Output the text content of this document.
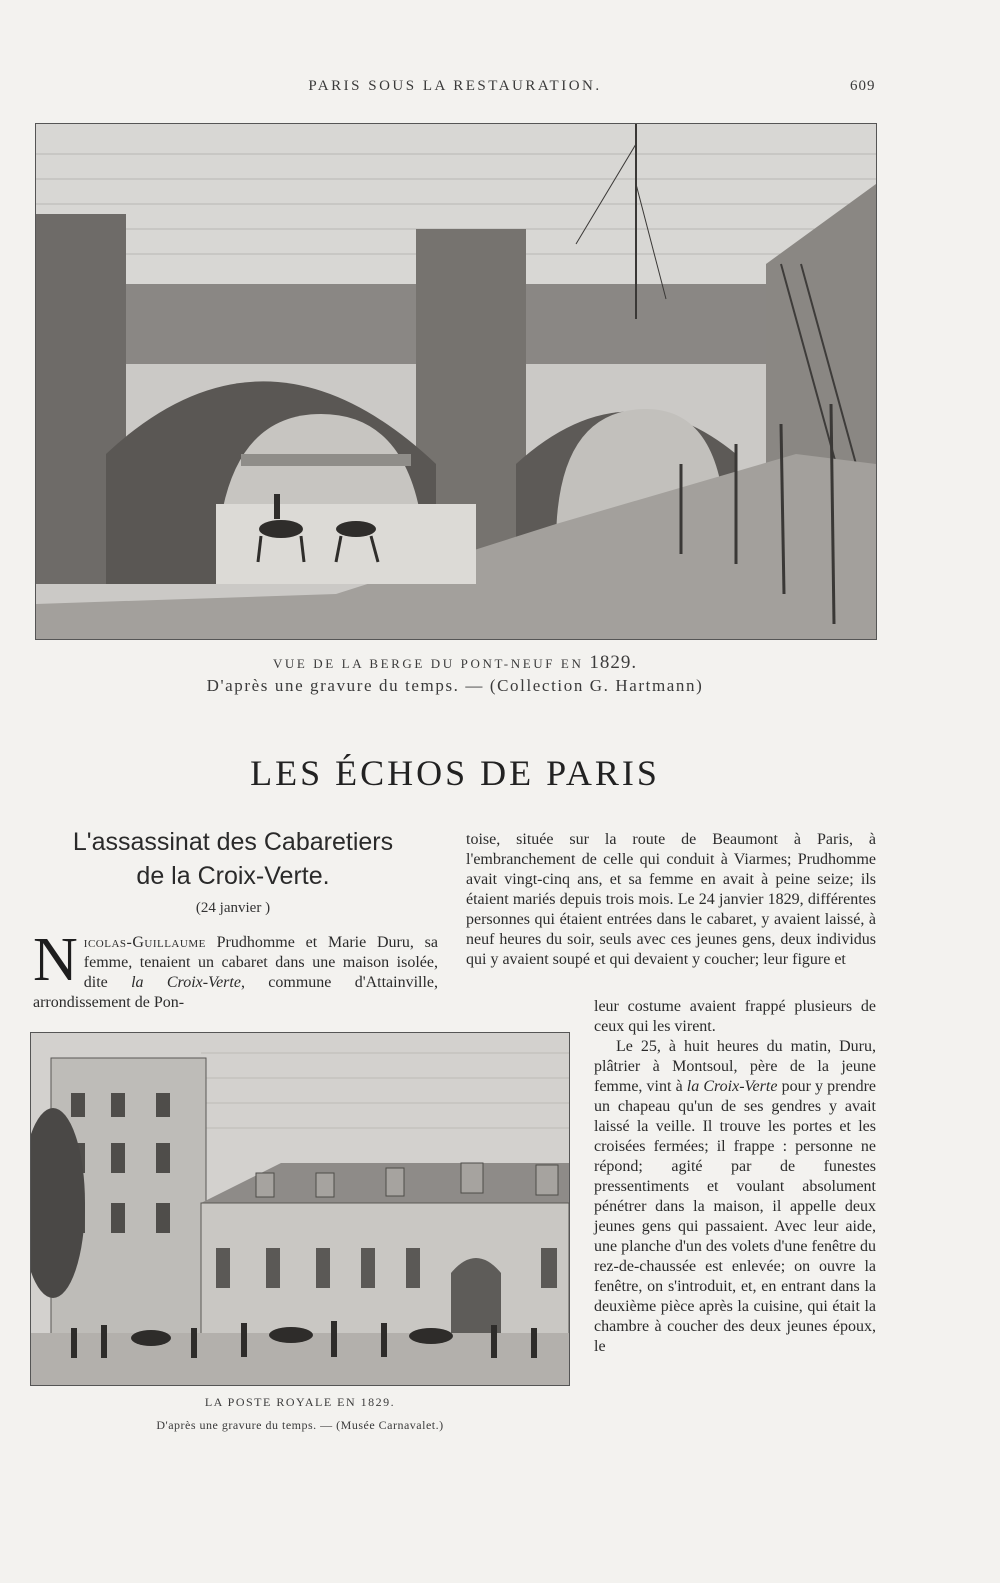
PARIS SOUS LA RESTAURATION.	609
VUE DE LA BERGE DU PONT-NEUF EN 1829.
D'après une gravure du temps. — (Collection G. Hartmann)
LES ÉCHOS DE PARIS
L'assassinat des Cabaretiers
de la Croix-Verte.
(24 janvier )
Nicolas-Guillaume Prudhomme et Marie Duru, sa femme, tenaient un cabaret dans une maison isolée, dite la Croix-Verte, commune d'Attainville, arrondissement de Pon-
toise, située sur la route de Beaumont à Paris, à l'embranchement de celle qui conduit à Viarmes; Prudhomme avait vingt-cinq ans, et sa femme en avait à peine seize; ils étaient mariés depuis trois mois. Le 24 janvier 1829, différentes personnes qui étaient entrées dans le cabaret, y avaient laissé, à neuf heures du soir, seuls avec ces jeunes gens, deux individus qui y avaient soupé et qui devaient y coucher; leur figure et
LA POSTE ROYALE EN 1829.
D'après une gravure du temps. — (Musée Carnavalet.)
leur costume avaient frappé plusieurs de ceux qui les virent.
Le 25, à huit heures du matin, Duru, plâtrier à Montsoul, père de la jeune femme, vint à la Croix-Verte pour y prendre un chapeau qu'un de ses gendres y avait laissé la veille. Il trouve les portes et les croisées fermées; il frappe : personne ne répond; agité par de funestes pressentiments et voulant absolument pénétrer dans la maison, il appelle deux jeunes gens qui passaient. Avec leur aide, une planche d'un des volets d'une fenêtre du rez-de-chaussée est enlevée; on ouvre la fenêtre, on s'introduit, et, en entrant dans la deuxième pièce après la cuisine, qui était la chambre à coucher des deux jeunes époux, le
